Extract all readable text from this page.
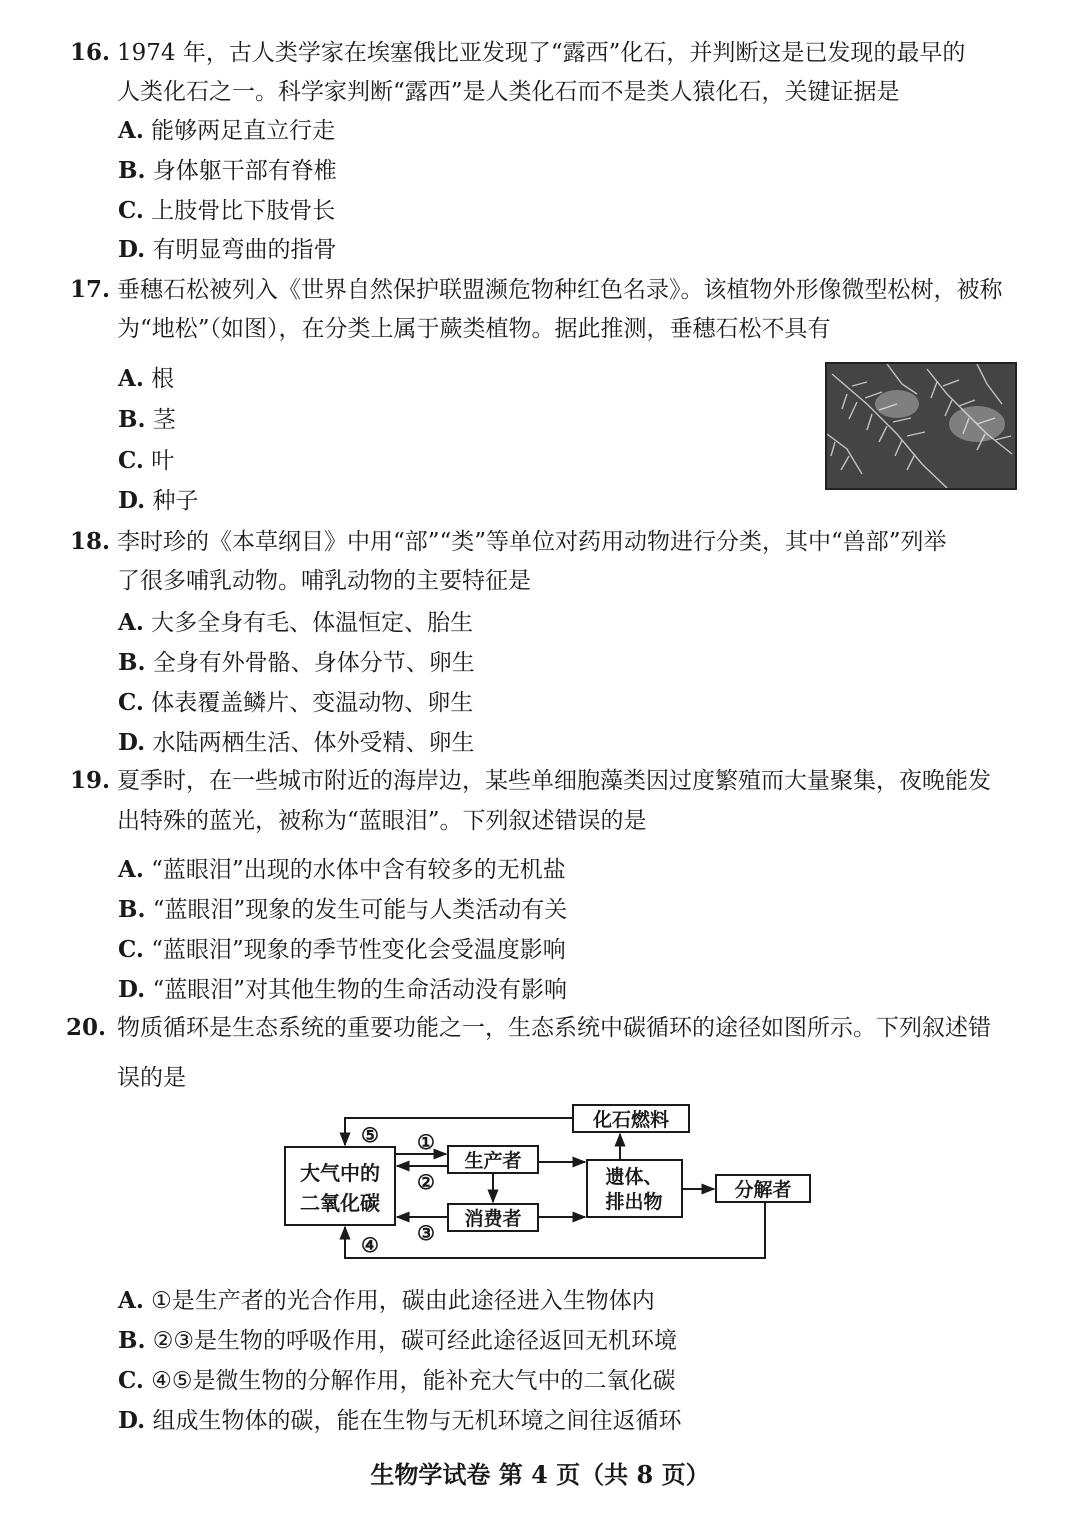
16. 1974 年，古人类学家在埃塞俄比亚发现了“露西”化石，并判断这是已发现的最早的
人类化石之一。科学家判断“露西”是人类化石而不是类人猿化石，关键证据是
A. 能够两足直立行走
B. 身体躯干部有脊椎
C. 上肢骨比下肢骨长
D. 有明显弯曲的指骨
17. 垂穗石松被列入《世界自然保护联盟濒危物种红色名录》。该植物外形像微型松树，被称
为“地松”（如图），在分类上属于蕨类植物。据此推测，垂穗石松不具有
A. 根
B. 茎
C. 叶
D. 种子
18. 李时珍的《本草纲目》中用“部”“类”等单位对药用动物进行分类，其中“兽部”列举
了很多哺乳动物。哺乳动物的主要特征是
A. 大多全身有毛、体温恒定、胎生
B. 全身有外骨骼、身体分节、卵生
C. 体表覆盖鳞片、变温动物、卵生
D. 水陆两栖生活、体外受精、卵生
19. 夏季时，在一些城市附近的海岸边，某些单细胞藻类因过度繁殖而大量聚集，夜晚能发
出特殊的蓝光，被称为“蓝眼泪”。下列叙述错误的是
A. “蓝眼泪”出现的水体中含有较多的无机盐
B. “蓝眼泪”现象的发生可能与人类活动有关
C. “蓝眼泪”现象的季节性变化会受温度影响
D. “蓝眼泪”对其他生物的生命活动没有影响
20. 物质循环是生态系统的重要功能之一，生态系统中碳循环的途径如图所示。下列叙述错
误的是
大气中的
二氧化碳
生产者
消费者
遗体、
排出物
分解者
化石燃料
⑤ ①
②
③
④
A. ①是生产者的光合作用，碳由此途径进入生物体内
B. ②③是生物的呼吸作用，碳可经此途径返回无机环境
C. ④⑤是微生物的分解作用，能补充大气中的二氧化碳
D. 组成生物体的碳，能在生物与无机环境之间往返循环
生物学试卷 第 4 页（共 8 页）
